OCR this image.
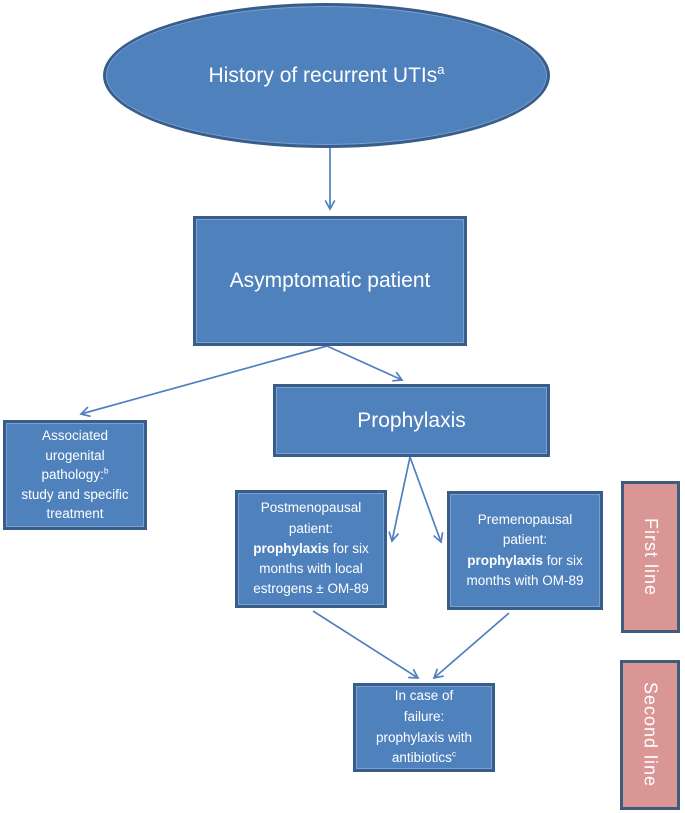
History of recurrent UTIs$^a$
Asymptomatic patient
Prophylaxis
Associated
urogenital
pathology:$^b$
study and specific
treatment	Postmenopausal
patient:
prophylaxis for six
months with local
estrogens ± OM-89
Premenopausal
patient:
prophylaxis for six
months with OM-89
In case of
failure:
prophylaxis with
antibiotics$^c$
First line
Second line
